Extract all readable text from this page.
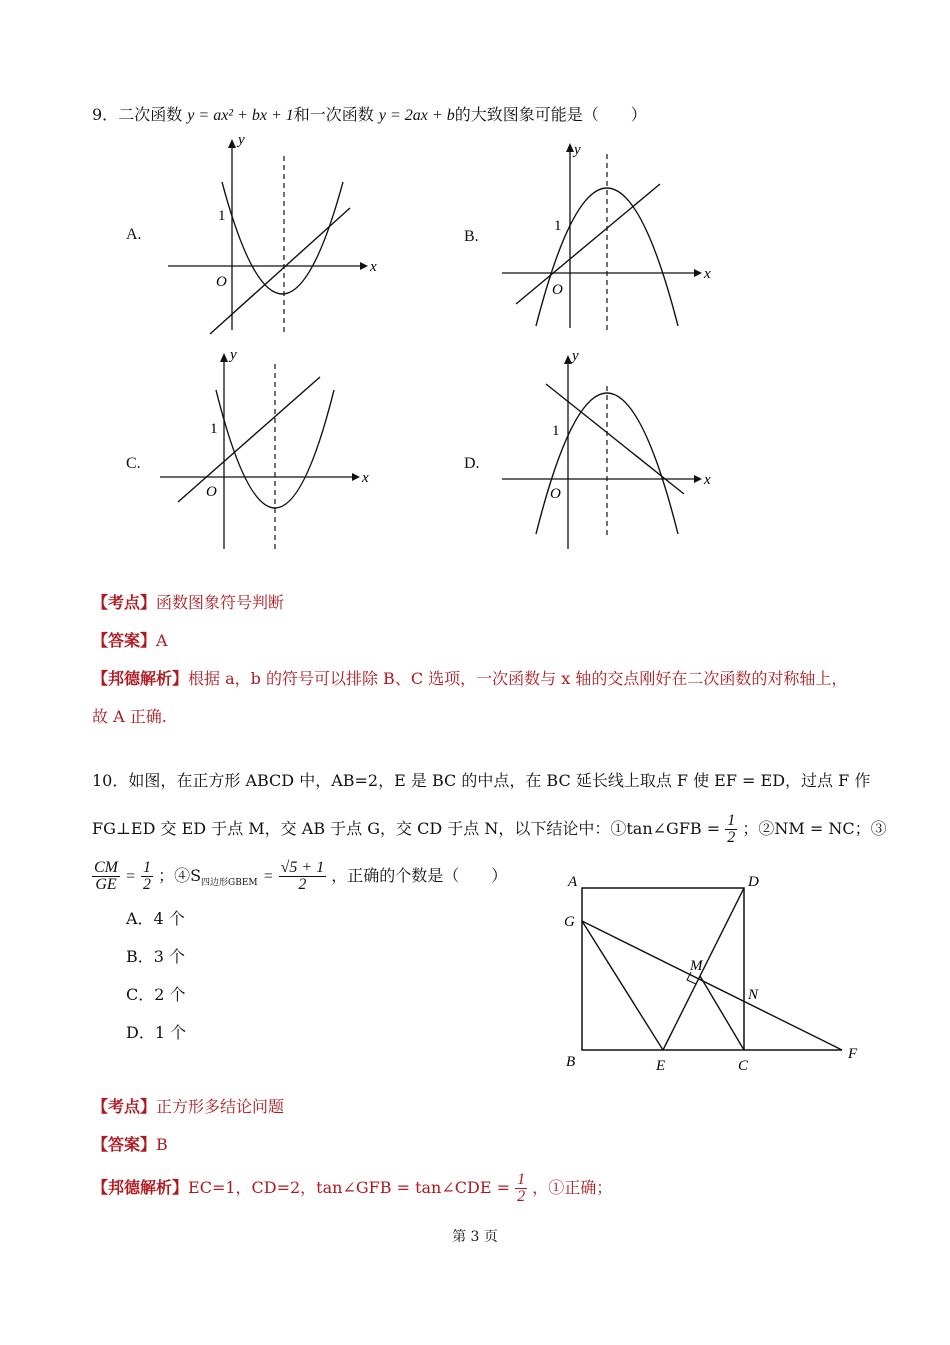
9．二次函数 y = ax² + bx + 1和一次函数 y = 2ax + b的大致图象可能是（　　）
A.	B.
C.	D.
y
x
O
1
y
x
O
1
y
x
O
1
y
x
O
1
【考点】函数图象符号判断
【答案】A
【邦德解析】根据 a，b 的符号可以排除 B、C 选项，一次函数与 x 轴的交点刚好在二次函数的对称轴上，
故 A 正确.
10．如图，在正方形 ABCD 中，AB=2，E 是 BC 的中点，在 BC 延长线上取点 F 使 EF = ED，过点 F 作
FG⊥ED 交 ED 于点 M，交 AB 于点 G，交 CD 于点 N，以下结论中：①tan∠GFB = $\frac{1}{2}$ ；②NM = NC；③
$\frac{CM}{GE} = \frac{1}{2}$ ；$④S_{四边形GBEM} = \frac{√5 + 1}{2}$ ，正确的个数是（　　）
A．4 个
B．3 个
C．2 个
D．1 个
A	D
G
M
N
B	E	C
F
【考点】正方形多结论问题
【答案】B
【邦德解析】EC=1，CD=2，tan∠GFB = tan∠CDE = $\frac{1}{2}$ ，①正确；
第 3 页
